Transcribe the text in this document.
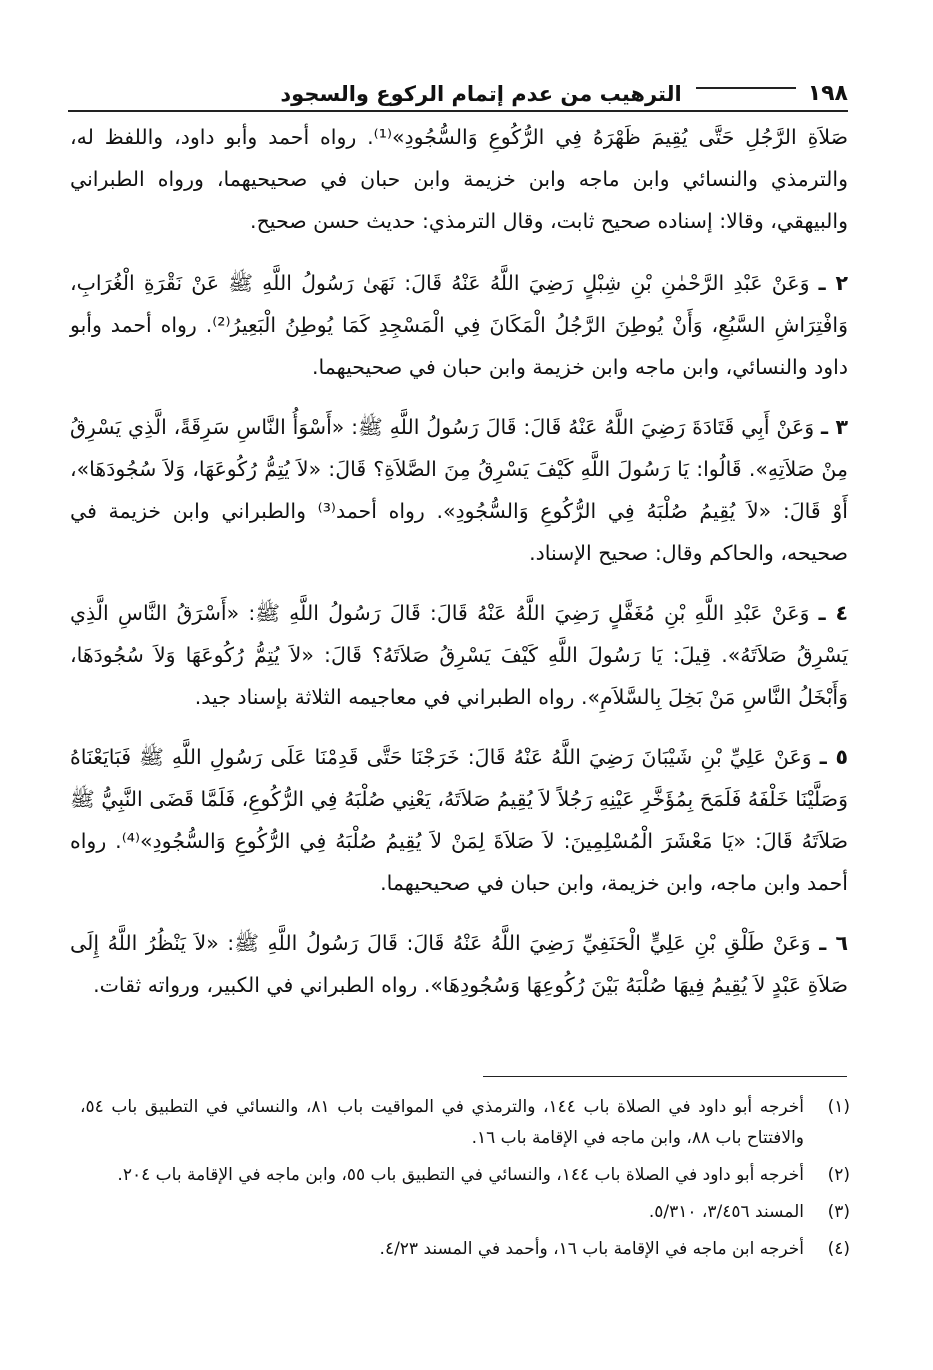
١٩٨
الترهيب من عدم إتمام الركوع والسجود

صَلاَةِ الرَّجُلِ حَتَّى يُقِيمَ ظَهْرَهُ فِي الرُّكُوعِ وَالسُّجُودِ»⁽¹⁾. رواه أحمد وأبو داود، واللفظ له، والترمذي والنسائي وابن ماجه وابن خزيمة وابن حبان في صحيحيهما، ورواه الطبراني والبيهقي، وقالا: إسناده صحيح ثابت، وقال الترمذي: حديث حسن صحيح.

٢ ـ وَعَنْ عَبْدِ الرَّحْمٰنِ بْنِ شِبْلٍ رَضِيَ اللَّهُ عَنْهُ قَالَ: نَهَىٰ رَسُولُ اللَّهِ ﷺ عَنْ نَقْرَةِ الْغُرَابِ، وَافْتِرَاشِ السَّبُعِ، وَأَنْ يُوطِنَ الرَّجُلُ الْمَكَانَ فِي الْمَسْجِدِ كَمَا يُوطِنُ الْبَعِيرُ⁽²⁾. رواه أحمد وأبو داود والنسائي، وابن ماجه وابن خزيمة وابن حبان في صحيحيهما.

٣ ـ وَعَنْ أَبِي قَتَادَةَ رَضِيَ اللَّهُ عَنْهُ قَالَ: قَالَ رَسُولُ اللَّهِ ﷺ: «أَسْوَأُ النَّاسِ سَرِقَةً، الَّذِي يَسْرِقُ مِنْ صَلاَتِهِ». قَالُوا: يَا رَسُولَ اللَّهِ كَيْفَ يَسْرِقُ مِنَ الصَّلاَةِ؟ قَالَ: «لاَ يُتِمُّ رُكُوعَهَا، وَلاَ سُجُودَهَا»، أَوْ قَالَ: «لاَ يُقِيمُ صُلْبَهُ فِي الرُّكُوعِ وَالسُّجُودِ». رواه أحمد⁽³⁾ والطبراني وابن خزيمة في صحيحه، والحاكم وقال: صحيح الإسناد.

٤ ـ وَعَنْ عَبْدِ اللَّهِ بْنِ مُغَفَّلٍ رَضِيَ اللَّهُ عَنْهُ قَالَ: قَالَ رَسُولُ اللَّهِ ﷺ: «أَسْرَقُ النَّاسِ الَّذِي يَسْرِقُ صَلاَتَهُ». قِيلَ: يَا رَسُولَ اللَّهِ كَيْفَ يَسْرِقُ صَلاَتَهُ؟ قَالَ: «لاَ يُتِمُّ رُكُوعَهَا وَلاَ سُجُودَهَا، وَأَبْخَلُ النَّاسِ مَنْ بَخِلَ بِالسَّلاَمِ». رواه الطبراني في معاجيمه الثلاثة بإسناد جيد.

٥ ـ وَعَنْ عَلِيِّ بْنِ شَيْبَانَ رَضِيَ اللَّهُ عَنْهُ قَالَ: خَرَجْنَا حَتَّى قَدِمْنَا عَلَى رَسُولِ اللَّهِ ﷺ فَبَايَعْنَاهُ وَصَلَّيْنَا خَلْفَهُ فَلَمَحَ بِمُؤَخَّرِ عَيْنِهِ رَجُلاً لاَ يُقِيمُ صَلاَتَهُ، يَعْنِي صُلْبَهُ فِي الرُّكُوعِ، فَلَمَّا قَضَى النَّبِيُّ ﷺ صَلاَتَهُ قَالَ: «يَا مَعْشَرَ الْمُسْلِمِينَ: لاَ صَلاَةَ لِمَنْ لاَ يُقِيمُ صُلْبَهُ فِي الرُّكُوعِ وَالسُّجُودِ»⁽⁴⁾. رواه أحمد وابن ماجه، وابن خزيمة، وابن حبان في صحيحيهما.

٦ ـ وَعَنْ طَلْقِ بْنِ عَلِيٍّ الْحَنَفِيِّ رَضِيَ اللَّهُ عَنْهُ قَالَ: قَالَ رَسُولُ اللَّهِ ﷺ: «لاَ يَنْظُرُ اللَّهُ إِلَى صَلاَةِ عَبْدٍ لاَ يُقِيمُ فِيهَا صُلْبَهُ بَيْنَ رُكُوعِهَا وَسُجُودِهَا». رواه الطبراني في الكبير، ورواته ثقات.

(١)
أخرجه أبو داود في الصلاة باب ١٤٤، والترمذي في المواقيت باب ٨١، والنسائي في التطبيق باب ٥٤، والافتتاح باب ٨٨، وابن ماجه في الإقامة باب ١٦.
(٢)
أخرجه أبو داود في الصلاة باب ١٤٤، والنسائي في التطبيق باب ٥٥، وابن ماجه في الإقامة باب ٢٠٤.
(٣)
المسند ٣/٤٥٦، ٥/٣١٠.
(٤)
أخرجه ابن ماجه في الإقامة باب ١٦، وأحمد في المسند ٤/٢٣.
